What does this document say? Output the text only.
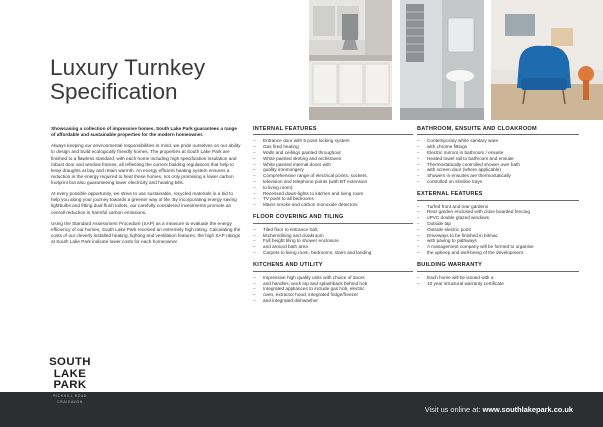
Luxury Turnkey
Specification

Showcasing a collection of impressive homes, South Lake Park guarantees a range of affordable and sustainable properties for the modern homeowner.

Always keeping our environmental responsibilities in mind, we pride ourselves on our ability to design and build ecologically friendly homes. The properties at South Lake Park are finished to a flawless standard, with each home including high specification insulation and robust door and window frames, all reflecting the current building regulations that help to keep draughts at bay and retain warmth. An energy efficient heating system ensures a reduction in the energy required to heat these homes, not only promising a lower carbon footprint but also guaranteeing lower electricity and heating bills.

At every possible opportunity, we strive to use sustainable, recycled materials in a bid to help you along your journey towards a greener way of life. By incorporating energy saving lightbulbs and fitting dual flush toilets, our carefully considered investments promote an overall reduction in harmful carbon emissions.

Using the Standard Assessment Procedure (SAP) as a measure to evaluate the energy efficiency of our homes, South Lake Park received an extremely high rating. Calculating the costs of our cleverly installed heating, lighting and ventilation features, the high SAP ratings at South Lake Park indicate lower costs for each homeowner.

INTERNAL FEATURES
– Entrance door with 5 point locking system
– Gas fired heating
– Walls and ceilings painted throughout
– White painted skirting and architraves
– White painted internal doors with
– quality ironmongery
– Comprehensive range of electrical points, sockets,
– television and telephone points (with BT extension
– to living room)
– Recessed down-lights to kitchen and living room
– TV point to all bedrooms
– Mains smoke and carbon monoxide detectors
FLOOR COVERING AND TILING
– Tiled floor to entrance hall,
– kitchen/dining and cloakroom
– Full height tiling to shower enclosure
– and around bath area
– Carpets to living room, bedrooms, stairs and landing
KITCHENS AND UTILITY
– Impressive high quality units with choice of doors
– and handles, work top and splashback behind hob
– Integrated appliances to include gas hob, electric
– oven, extractor hood, integrated fridge/freezer
– and integrated dishwasher
BATHROOM, ENSUITE AND CLOAKROOM
– Contemporary white sanitary ware
– with chrome fittings
– Electric mirrors in bathroom / ensuite
– Heated towel rail to bathroom and ensuite
– Thermostatically controlled shower over bath
– with screen door (where applicable)
– Showers in ensuites are thermostatically
– controlled on slimline trays
EXTERNAL FEATURES
– Turfed front and rear gardens
– Rear garden enclosed with close boarded fencing
– uPVC double glazed windows
– Outside tap
– Outside electric point
– Driveways to be finished in bitmac
– with paving to pathways
– A management company will be formed to organise
– the upkeep and well-being of the development
BUILDING WARRANTY
– Each home will be issued with a
– 10 year structural warranty certificate
Visit us online at: www.southlakepark.co.uk
SOUTH
LAKE
PARK
RICHHILL ROAD
CRAIGAVON
